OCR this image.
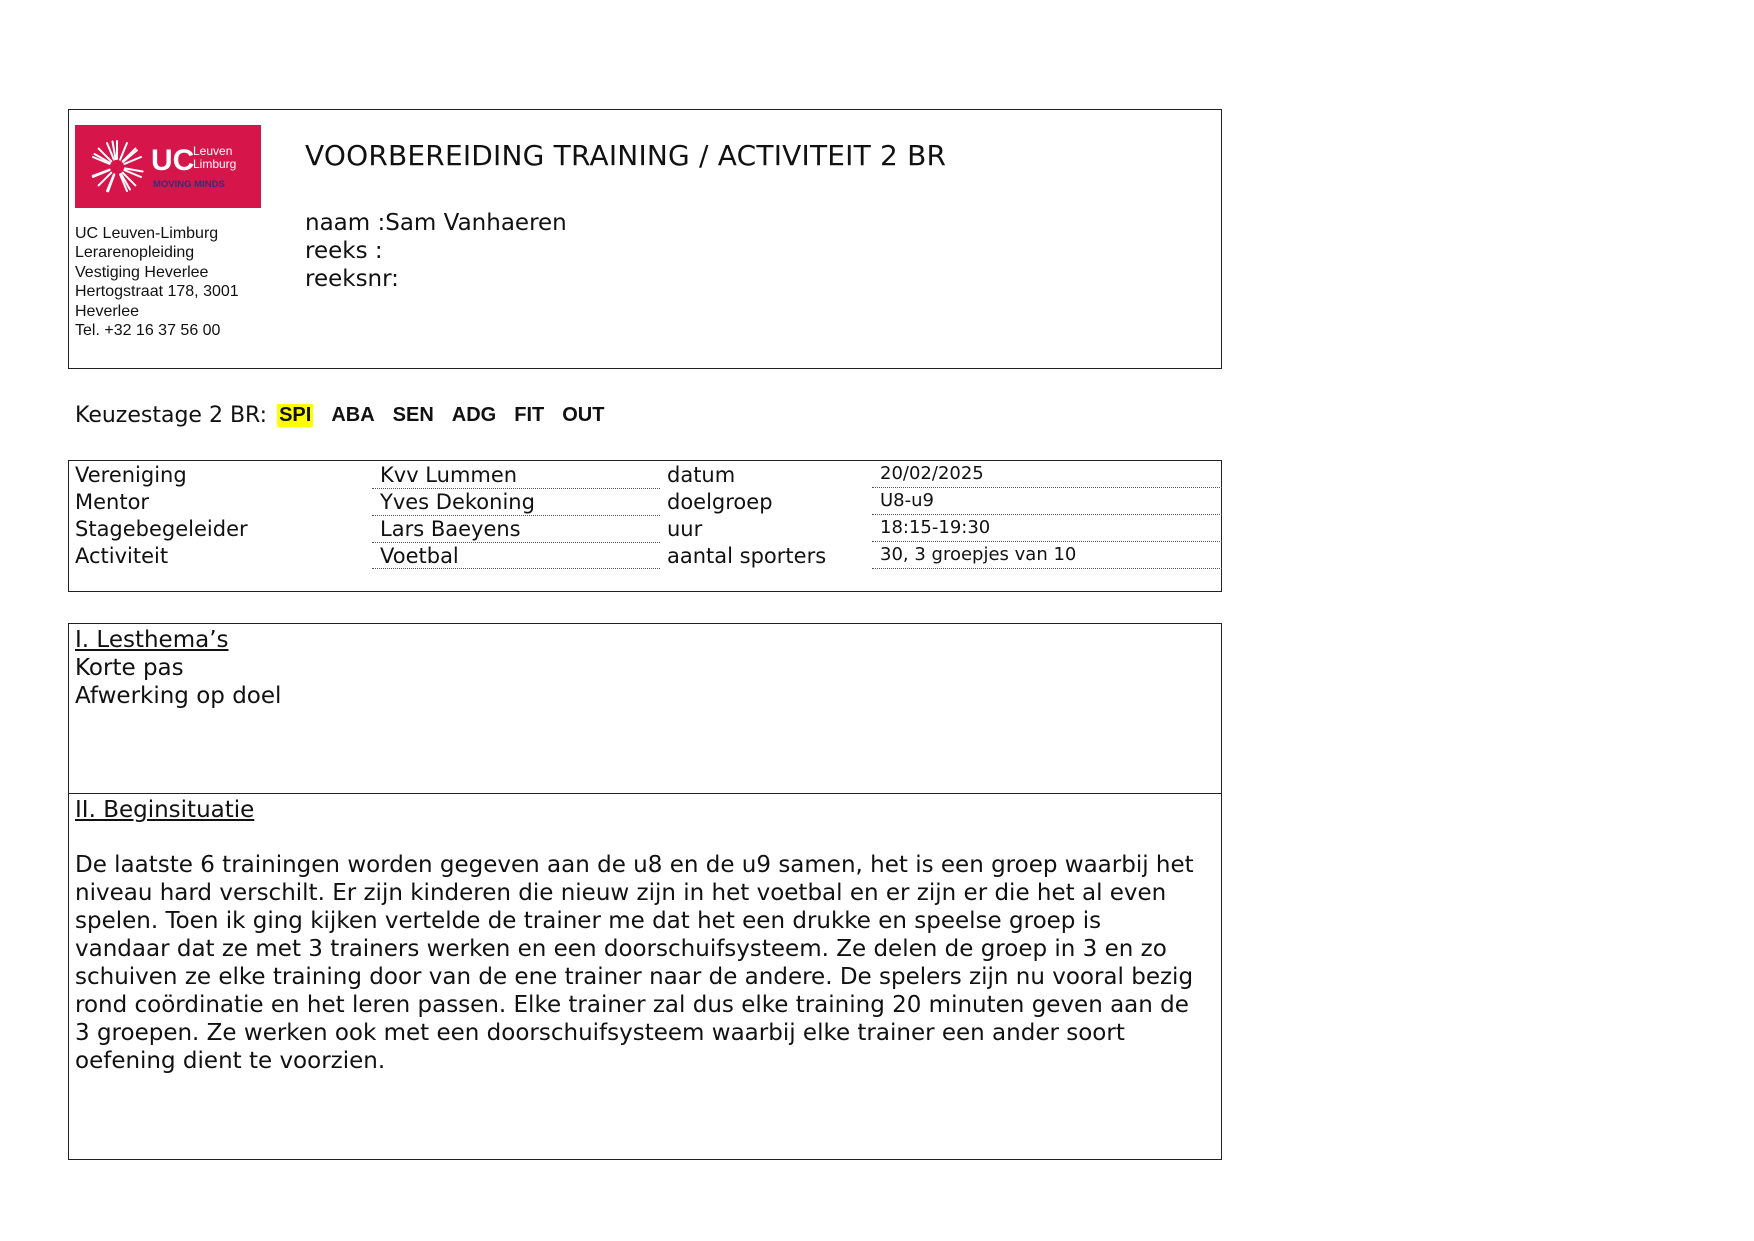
UC
Leuven
Limburg
MOVING MINDS
UC Leuven-Limburg
Lerarenopleiding
Vestiging Heverlee
Hertogstraat 178, 3001
Heverlee
Tel. +32 16 37 56 00
VOORBEREIDING TRAINING / ACTIVITEIT 2 BR
naam :Sam Vanhaeren
reeks :
reeksnr:
Keuzestage 2 BR: SPI ABA SEN ADG FIT OUT
Vereniging
Mentor
Stagebegeleider
Activiteit
Kvv Lummen
Yves Dekoning
Lars Baeyens
Voetbal
datum
doelgroep
uur
aantal sporters
20/02/2025
U8-u9
18:15-19:30
30, 3 groepjes van 10
I. Lesthema’s
Korte pas
Afwerking op doel
II. Beginsituatie
De laatste 6 trainingen worden gegeven aan de u8 en de u9 samen, het is een groep waarbij het
niveau hard verschilt. Er zijn kinderen die nieuw zijn in het voetbal en er zijn er die het al even
spelen. Toen ik ging kijken vertelde de trainer me dat het een drukke en speelse groep is
vandaar dat ze met 3 trainers werken en een doorschuifsysteem. Ze delen de groep in 3 en zo
schuiven ze elke training door van de ene trainer naar de andere. De spelers zijn nu vooral bezig
rond coördinatie en het leren passen. Elke trainer zal dus elke training 20 minuten geven aan de
3 groepen. Ze werken ook met een doorschuifsysteem waarbij elke trainer een ander soort
oefening dient te voorzien.
